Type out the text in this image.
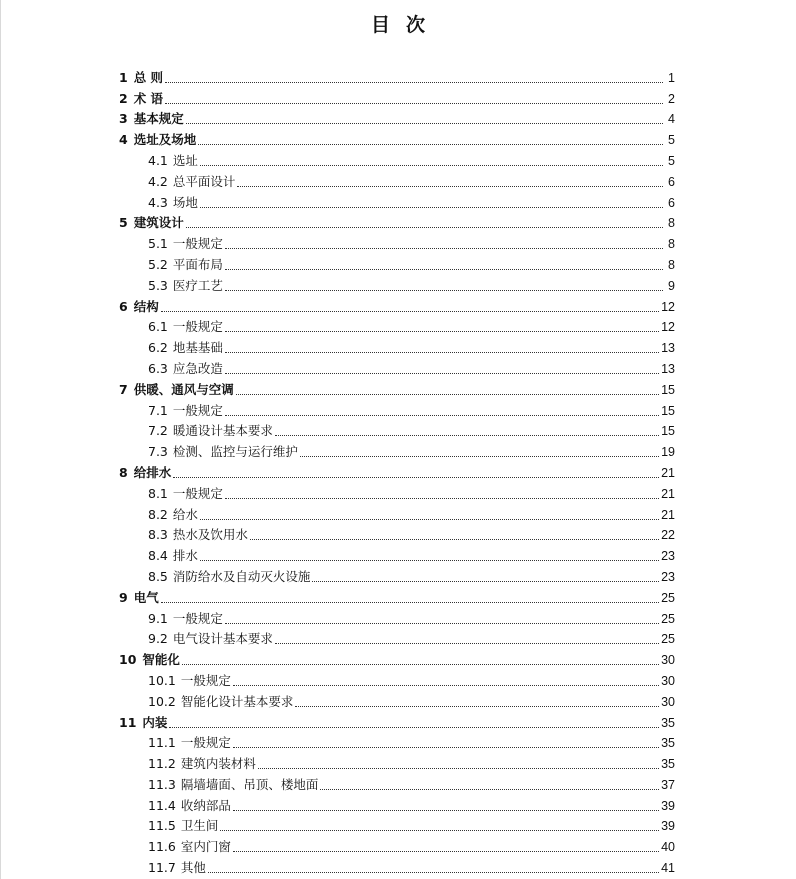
目 次
1 总 则	1
2 术 语	2
3 基本规定	4
4 选址及场地	5
4.1 选址	5
4.2 总平面设计	6
4.3 场地	6
5 建筑设计	8
5.1 一般规定	8
5.2 平面布局	8
5.3 医疗工艺	9
6 结构	12
6.1 一般规定	12
6.2 地基基础	13
6.3 应急改造	13
7 供暖、通风与空调	15
7.1 一般规定	15
7.2 暖通设计基本要求	15
7.3 检测、监控与运行维护	19
8 给排水	21
8.1 一般规定	21
8.2 给水	21
8.3 热水及饮用水	22
8.4 排水	23
8.5 消防给水及自动灭火设施	23
9 电气	25
9.1 一般规定	25
9.2 电气设计基本要求	25
10 智能化	30
10.1 一般规定	30
10.2 智能化设计基本要求	30
11 内装	35
11.1 一般规定	35
11.2 建筑内装材料	35
11.3 隔墙墙面、吊顶、楼地面	37
11.4 收纳部品	39
11.5 卫生间	39
11.6 室内门窗	40
11.7 其他	41
